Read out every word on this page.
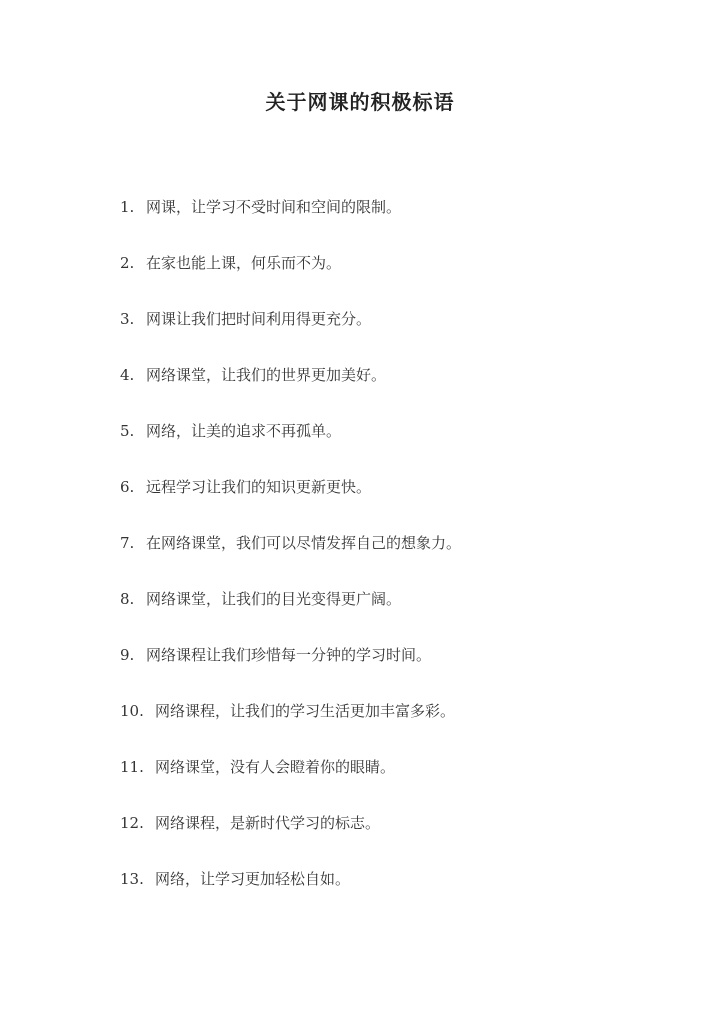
关于网课的积极标语
1. 网课，让学习不受时间和空间的限制。
2. 在家也能上课，何乐而不为。
3. 网课让我们把时间利用得更充分。
4. 网络课堂，让我们的世界更加美好。
5. 网络，让美的追求不再孤单。
6. 远程学习让我们的知识更新更快。
7. 在网络课堂，我们可以尽情发挥自己的想象力。
8. 网络课堂，让我们的目光变得更广阔。
9. 网络课程让我们珍惜每一分钟的学习时间。
10. 网络课程，让我们的学习生活更加丰富多彩。
11. 网络课堂，没有人会瞪着你的眼睛。
12. 网络课程，是新时代学习的标志。
13. 网络，让学习更加轻松自如。
